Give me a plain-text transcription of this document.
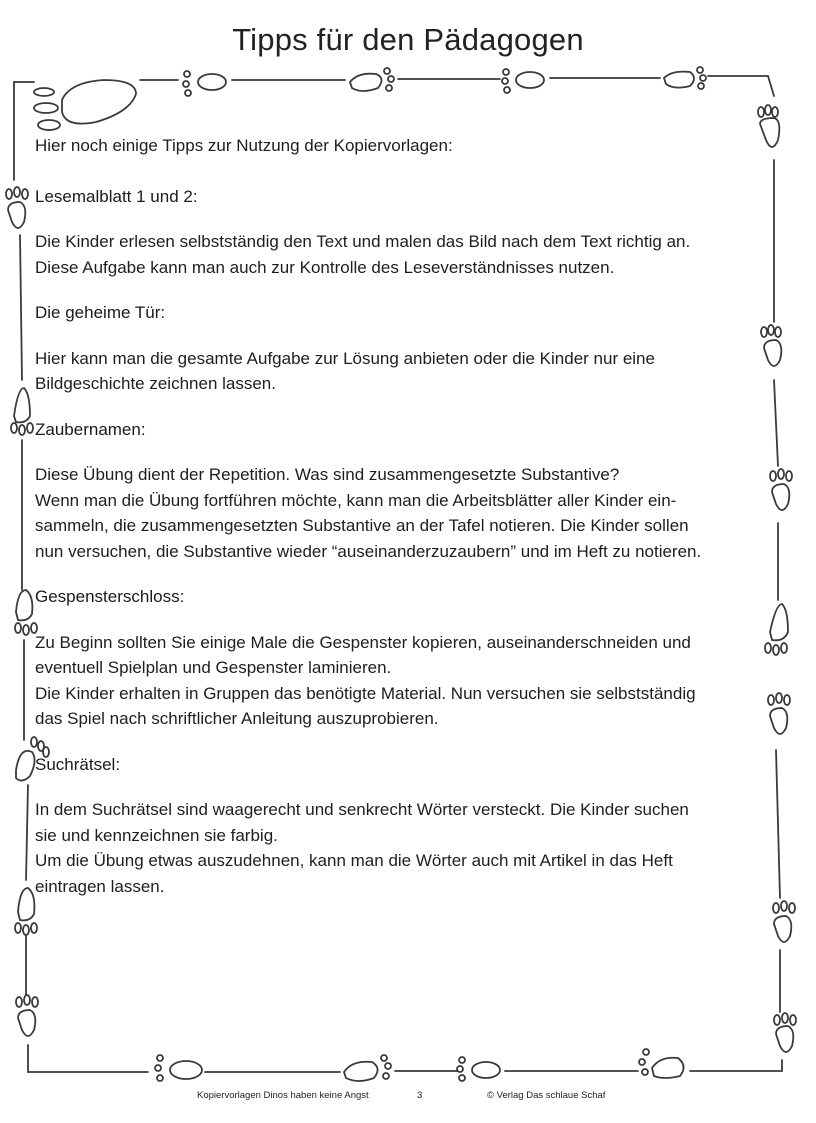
Tipps für den Pädagogen

Hier noch einige Tipps zur Nutzung der Kopiervorlagen:

Lesemalblatt 1 und 2:

Die Kinder erlesen selbstständig den Text und malen das Bild nach dem Text richtig an.
Diese Aufgabe kann man auch zur Kontrolle des Leseverständnisses nutzen.

Die geheime Tür:

Hier kann man die gesamte Aufgabe zur Lösung anbieten oder die Kinder nur eine
Bildgeschichte zeichnen lassen.

Zaubernamen:

Diese Übung dient der Repetition. Was sind zusammengesetzte Substantive?
Wenn man die Übung fortführen möchte, kann man die Arbeitsblätter aller Kinder ein-
sammeln, die zusammengesetzten Substantive an der Tafel notieren. Die Kinder sollen
nun versuchen, die Substantive wieder “auseinanderzuzaubern” und im Heft zu notieren.

Gespensterschloss:

Zu Beginn sollten Sie einige Male die Gespenster kopieren, auseinanderschneiden und
eventuell Spielplan und Gespenster laminieren.
Die Kinder erhalten in Gruppen das benötigte Material. Nun versuchen sie selbstständig
das Spiel nach schriftlicher Anleitung auszuprobieren.

Suchrätsel:

In dem Suchrätsel sind waagerecht und senkrecht Wörter versteckt. Die Kinder suchen
sie und kennzeichnen sie farbig.
Um die Übung etwas auszudehnen, kann man die Wörter auch mit Artikel in das Heft
eintragen lassen.

Kopiervorlagen Dinos haben keine Angst	3	© Verlag Das schlaue Schaf
